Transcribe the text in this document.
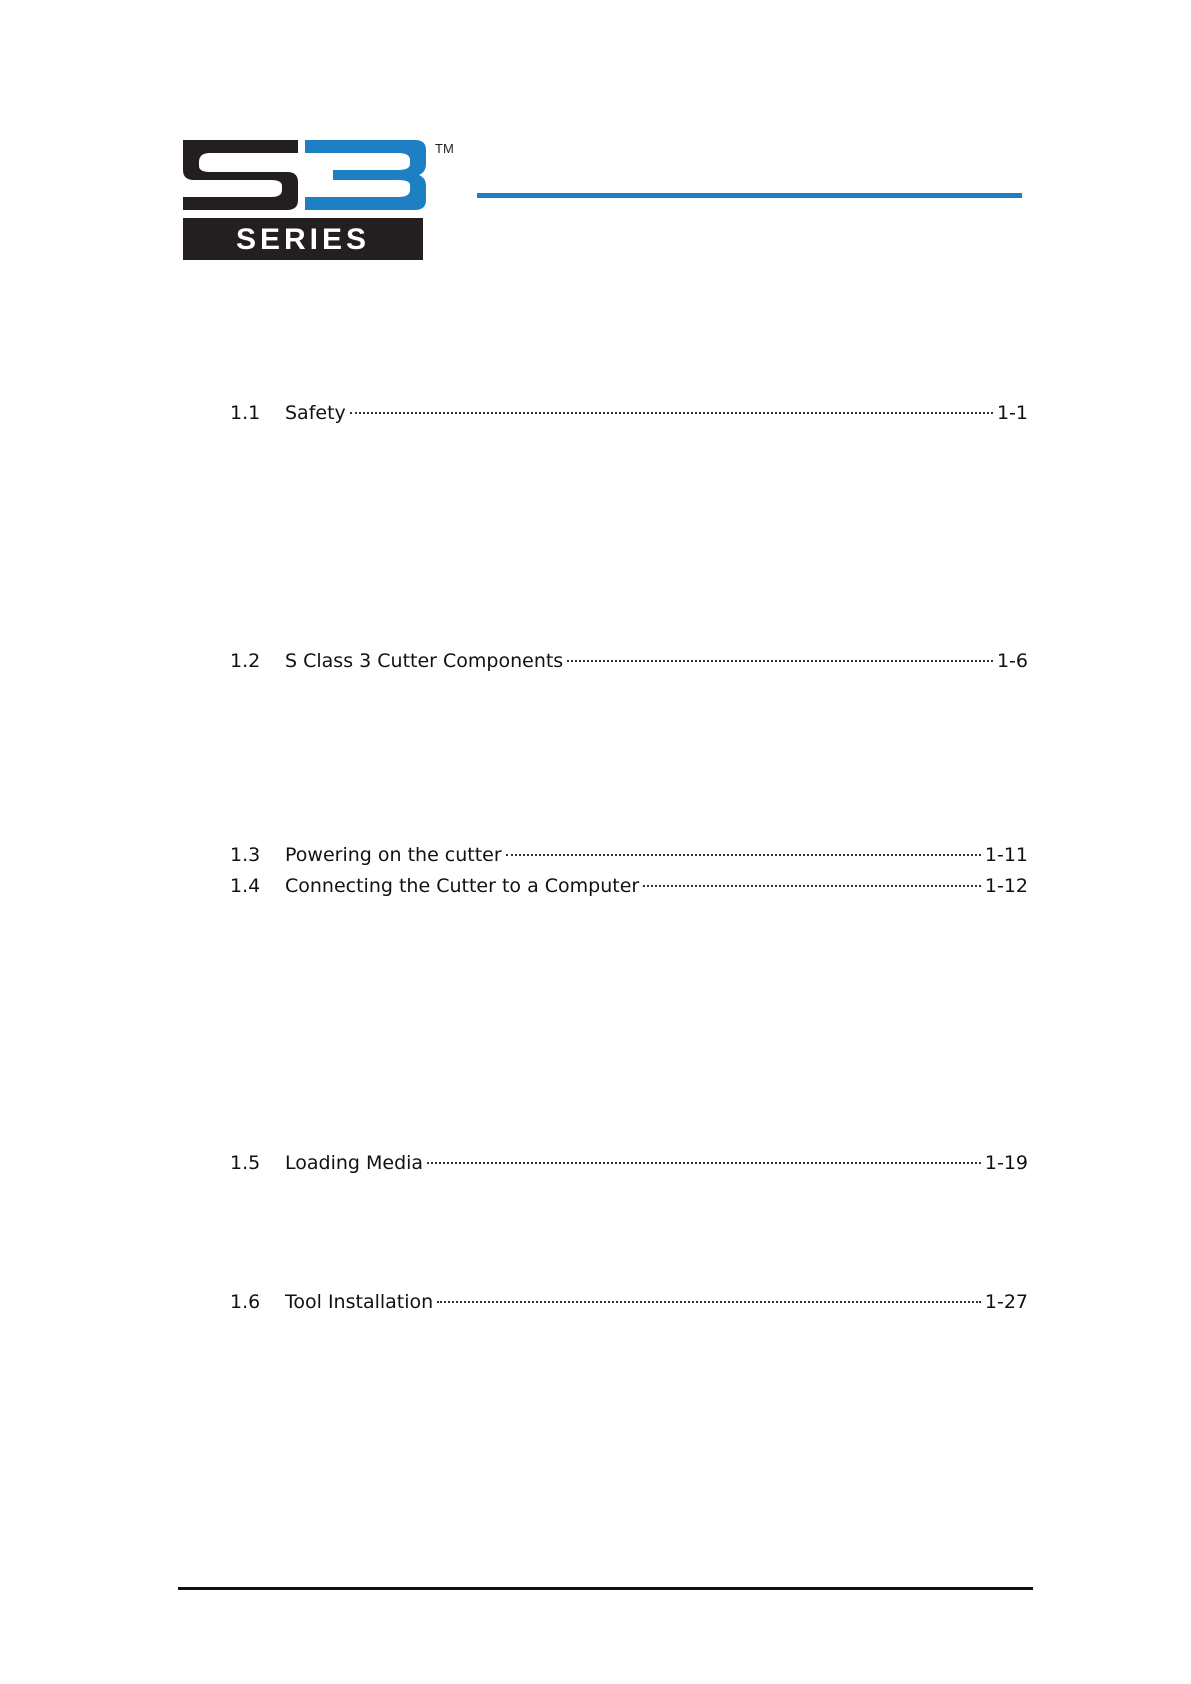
TM
SERIES
1.1	Safety	1-1
1.2	S Class 3 Cutter Components	1-6
1.3	Powering on the cutter	1-11
1.4	Connecting the Cutter to a Computer	1-12
1.5	Loading Media	1-19
1.6	Tool Installation	1-27
